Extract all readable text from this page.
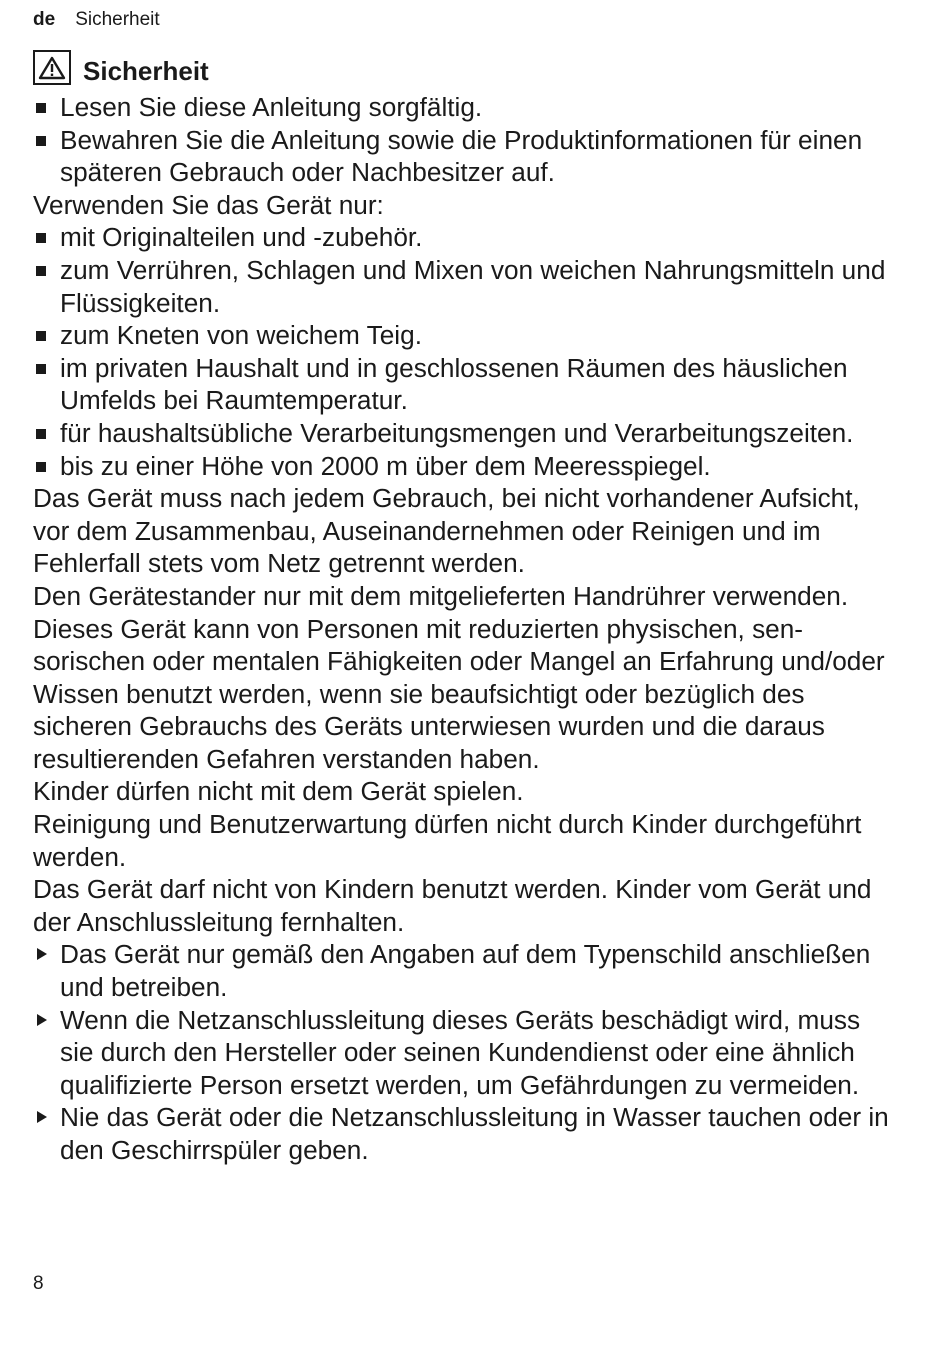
de Sicherheit
Sicherheit
Lesen Sie diese Anleitung sorgfältig.
Bewahren Sie die Anleitung sowie die Produktinformationen für einen späteren Gebrauch oder Nachbesitzer auf.

Verwenden Sie das Gerät nur:

mit Originalteilen und -zubehör.
zum Verrühren, Schlagen und Mixen von weichen Nahrungsmitteln und Flüssigkeiten.
zum Kneten von weichem Teig.
im privaten Haushalt und in geschlossenen Räumen des häuslichen Umfelds bei Raumtemperatur.
für haushaltsübliche Verarbeitungsmengen und Verarbeitungszeiten.
bis zu einer Höhe von 2000 m über dem Meeresspiegel.

Das Gerät muss nach jedem Gebrauch, bei nicht vorhandener Aufsicht, vor dem Zusammenbau, Auseinandernehmen oder Reinigen und im Fehlerfall stets vom Netz getrennt werden.

Den Gerätestander nur mit dem mitgelieferten Handrührer verwenden.

Dieses Gerät kann von Personen mit reduzierten physischen, sensorischen oder mentalen Fähigkeiten oder Mangel an Erfahrung und/oder Wissen benutzt werden, wenn sie beaufsichtigt oder bezüglich des sicheren Gebrauchs des Geräts unterwiesen wurden und die daraus resultierenden Gefahren verstanden haben.

Kinder dürfen nicht mit dem Gerät spielen.

Reinigung und Benutzerwartung dürfen nicht durch Kinder durchgeführt werden.

Das Gerät darf nicht von Kindern benutzt werden. Kinder vom Gerät und der Anschlussleitung fernhalten.

Das Gerät nur gemäß den Angaben auf dem Typenschild anschließen und betreiben.
Wenn die Netzanschlussleitung dieses Geräts beschädigt wird, muss sie durch den Hersteller oder seinen Kundendienst oder eine ähnlich qualifizierte Person ersetzt werden, um Gefährdungen zu vermeiden.
Nie das Gerät oder die Netzanschlussleitung in Wasser tauchen oder in den Geschirrspüler geben.
8
